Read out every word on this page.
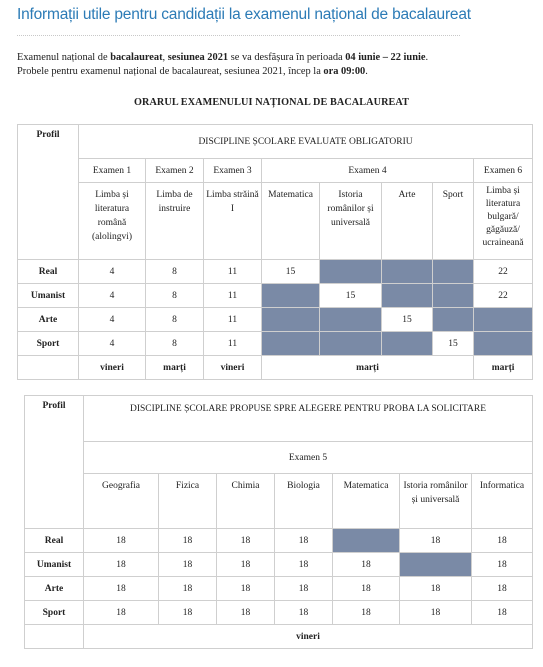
Informații utile pentru candidații la examenul național de bacalaureat
Examenul național de bacalaureat, sesiunea 2021 se va desfășura în perioada 04 iunie – 22 iunie.
Probele pentru examenul național de bacalaureat, sesiunea 2021, încep la ora 09:00.
ORARUL EXAMENULUI NAȚIONAL DE BACALAUREAT
Profil	DISCIPLINE ȘCOLARE EVALUATE OBLIGATORIU							
	Examen 1	Examen 2	Examen 3	Examen 4				Examen 6
	Limba și literatura română (alolingvi)	Limba de instruire	Limba străină I	Matematica	Istoria românilor și universală	Arte	Sport	Limba și literatura bulgară/ găgăuză/ ucraineană
Real	4	8	11	15				22
Umanist	4	8	11		15			22
Arte	4	8	11			15		
Sport	4	8	11				15	
	vineri	marți	vineri	marți				marți
Profil	DISCIPLINE ȘCOLARE PROPUSE SPRE ALEGERE PENTRU PROBA LA SOLICITARE						
	Examen 5						
	Geografia	Fizica	Chimia	Biologia	Matematica	Istoria românilor și universală	Informatica
Real	18	18	18	18		18	18
Umanist	18	18	18	18	18		18
Arte	18	18	18	18	18	18	18
Sport	18	18	18	18	18	18	18
	vineri						
